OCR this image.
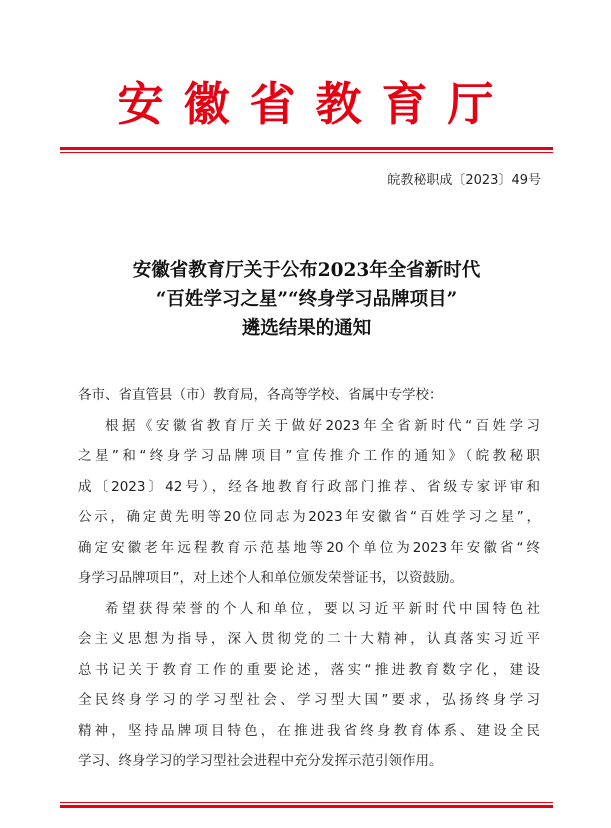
安徽省教育厅
皖教秘职成〔2023〕49号
安徽省教育厅关于公布2023年全省新时代
“百姓学习之星”“终身学习品牌项目”
遴选结果的通知
各市、省直管县（市）教育局，各高等学校、省属中专学校：
根据《安徽省教育厅关于做好2023年全省新时代“百姓学习
之星”和“终身学习品牌项目”宣传推介工作的通知》（皖教秘职
成〔2023〕42号），经各地教育行政部门推荐、省级专家评审和
公示，确定黄先明等20位同志为2023年安徽省“百姓学习之星”，
确定安徽老年远程教育示范基地等20个单位为2023年安徽省“终
身学习品牌项目”，对上述个人和单位颁发荣誉证书，以资鼓励。
希望获得荣誉的个人和单位，要以习近平新时代中国特色社
会主义思想为指导，深入贯彻党的二十大精神，认真落实习近平
总书记关于教育工作的重要论述，落实“推进教育数字化，建设
全民终身学习的学习型社会、学习型大国”要求，弘扬终身学习
精神，坚持品牌项目特色，在推进我省终身教育体系、建设全民
学习、终身学习的学习型社会进程中充分发挥示范引领作用。
